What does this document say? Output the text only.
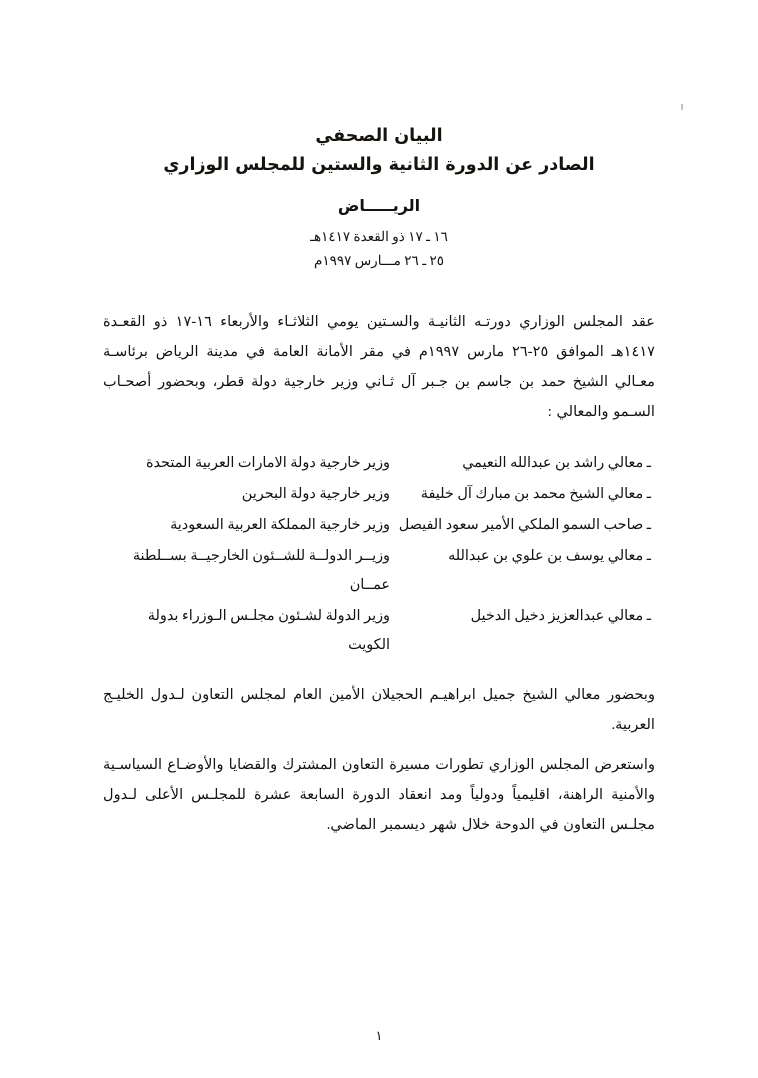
البيان الصحفي
الصادر عن الدورة الثانية والستين للمجلس الوزاري
الريـــــاض
١٦ ـ ١٧ ذو القعدة ١٤١٧هـ
٢٥ ـ ٢٦ مـــارس ١٩٩٧م

عقد المجلس الوزاري دورتـه الثانيـة والسـتين يومي الثلاثـاء والأربعاء ١٦-١٧ ذو القعـدة ١٤١٧هـ الموافق ٢٥-٢٦ مارس ١٩٩٧م في مقر الأمانة العامة في مدينة الرياض برئاسـة معـالي الشيخ حمد بن جاسم بن جـبر آل ثـاني وزير خارجية دولة قطر، وبحضور أصحـاب السـمو والمعالي :

ـ معالي راشد بن عبدالله النعيمي
وزير خارجية دولة الامارات العربية المتحدة
ـ معالي الشيخ محمد بن مبارك آل خليفة
وزير خارجية دولة البحرين
ـ صاحب السمو الملكي الأمير سعود الفيصل
وزير خارجية المملكة العربية السعودية
ـ معالي يوسف بن علوي بن عبدالله
وزيــر الدولــة للشــئون الخارجيــة بســلطنة
عمــان
ـ معالي عبدالعزيز دخيل الدخيل
وزير الدولة لشـئون مجلـس الـوزراء بدولة
الكويت

وبحضور معالي الشيخ جميل ابراهيـم الحجيلان الأمين العام لمجلس التعاون لـدول الخليـج العربية.

واستعرض المجلس الوزاري تطورات مسيرة التعاون المشترك والقضايا والأوضـاع السياسـية والأمنية الراهنة، اقليمياً ودولياً ومد انعقاد الدورة السابعة عشرة للمجلـس الأعلى لـدول مجلـس التعاون في الدوحة خلال شهر ديسمبر الماضي.

١
